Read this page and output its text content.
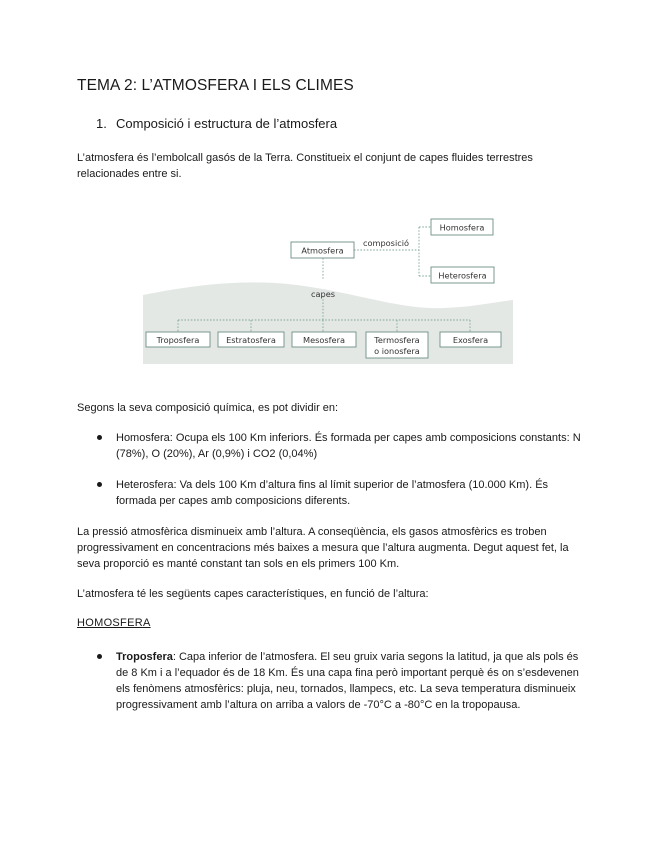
TEMA 2: L’ATMOSFERA I ELS CLIMES
1. Composició i estructura de l’atmosfera
L’atmosfera és l’embolcall gasós de la Terra. Constitueix el conjunt de capes fluides terrestres relacionades entre si.
Atmosfera
composició
Homosfera
Heterosfera
capes
Troposfera	Estratosfera	Mesosfera	Termosfera
o ionosfera
Exosfera
Segons la seva composició química, es pot dividir en:
Homosfera: Ocupa els 100 Km inferiors. És formada per capes amb composicions constants: N (78%), O (20%), Ar (0,9%) i CO2 (0,04%)
Heterosfera: Va dels 100 Km d’altura fins al límit superior de l’atmosfera (10.000 Km). És formada per capes amb composicions diferents.
La pressió atmosfèrica disminueix amb l’altura. A conseqüència, els gasos atmosfèrics es troben progressivament en concentracions més baixes a mesura que l’altura augmenta. Degut aquest fet, la seva proporció es manté constant tan sols en els primers 100 Km.
L’atmosfera té les següents capes característiques, en funció de l’altura:
HOMOSFERA
Troposfera: Capa inferior de l’atmosfera. El seu gruix varia segons la latitud, ja que als pols és de 8 Km i a l’equador és de 18 Km. És una capa fina però important perquè és on s’esdevenen els fenòmens atmosfèrics: pluja, neu, tornados, llampecs, etc. La seva temperatura disminueix progressivament amb l’altura on arriba a valors de -70°C a -80°C en la tropopausa.
